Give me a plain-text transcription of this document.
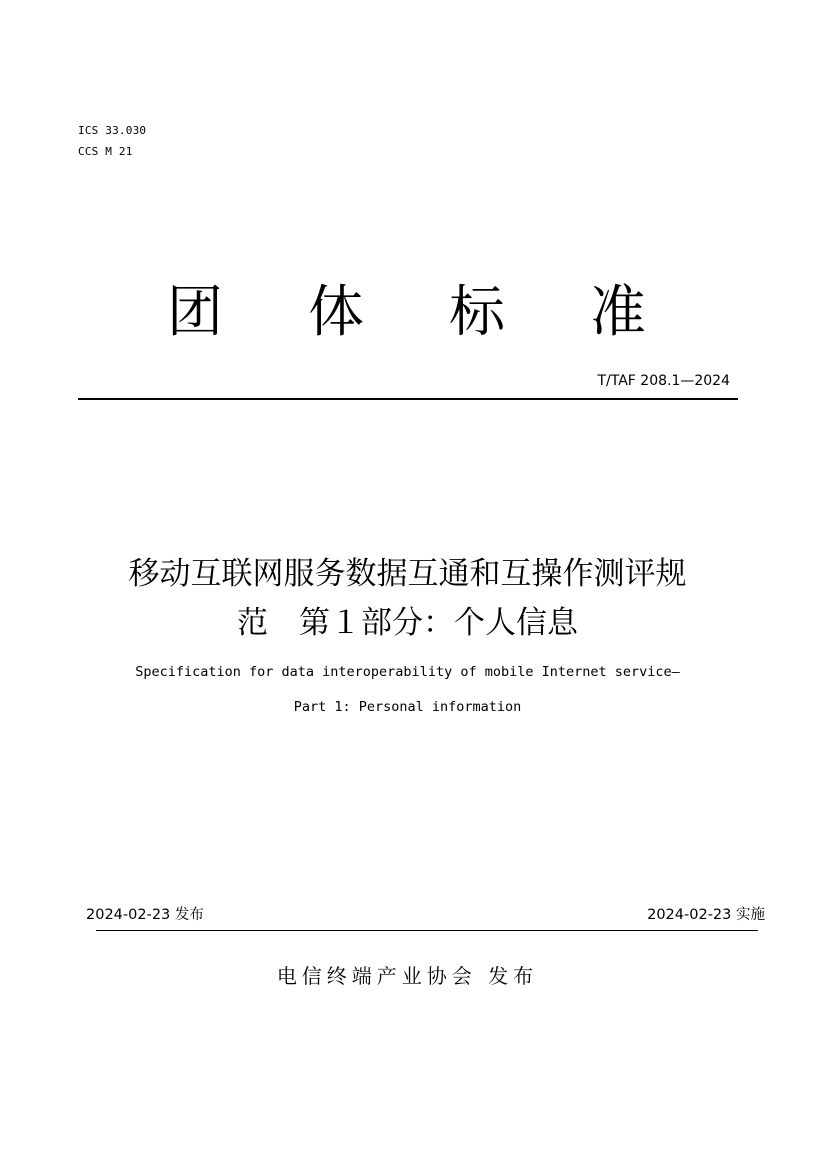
ICS 33.030
CCS M 21
团 体 标 准
T/TAF 208.1—2024
移动互联网服务数据互通和互操作测评规
范　第１部分：个人信息
Specification for data interoperability of mobile Internet service—
Part 1: Personal information
2024-02-23 发布	2024-02-23 实施
电信终端产业协会 发布
